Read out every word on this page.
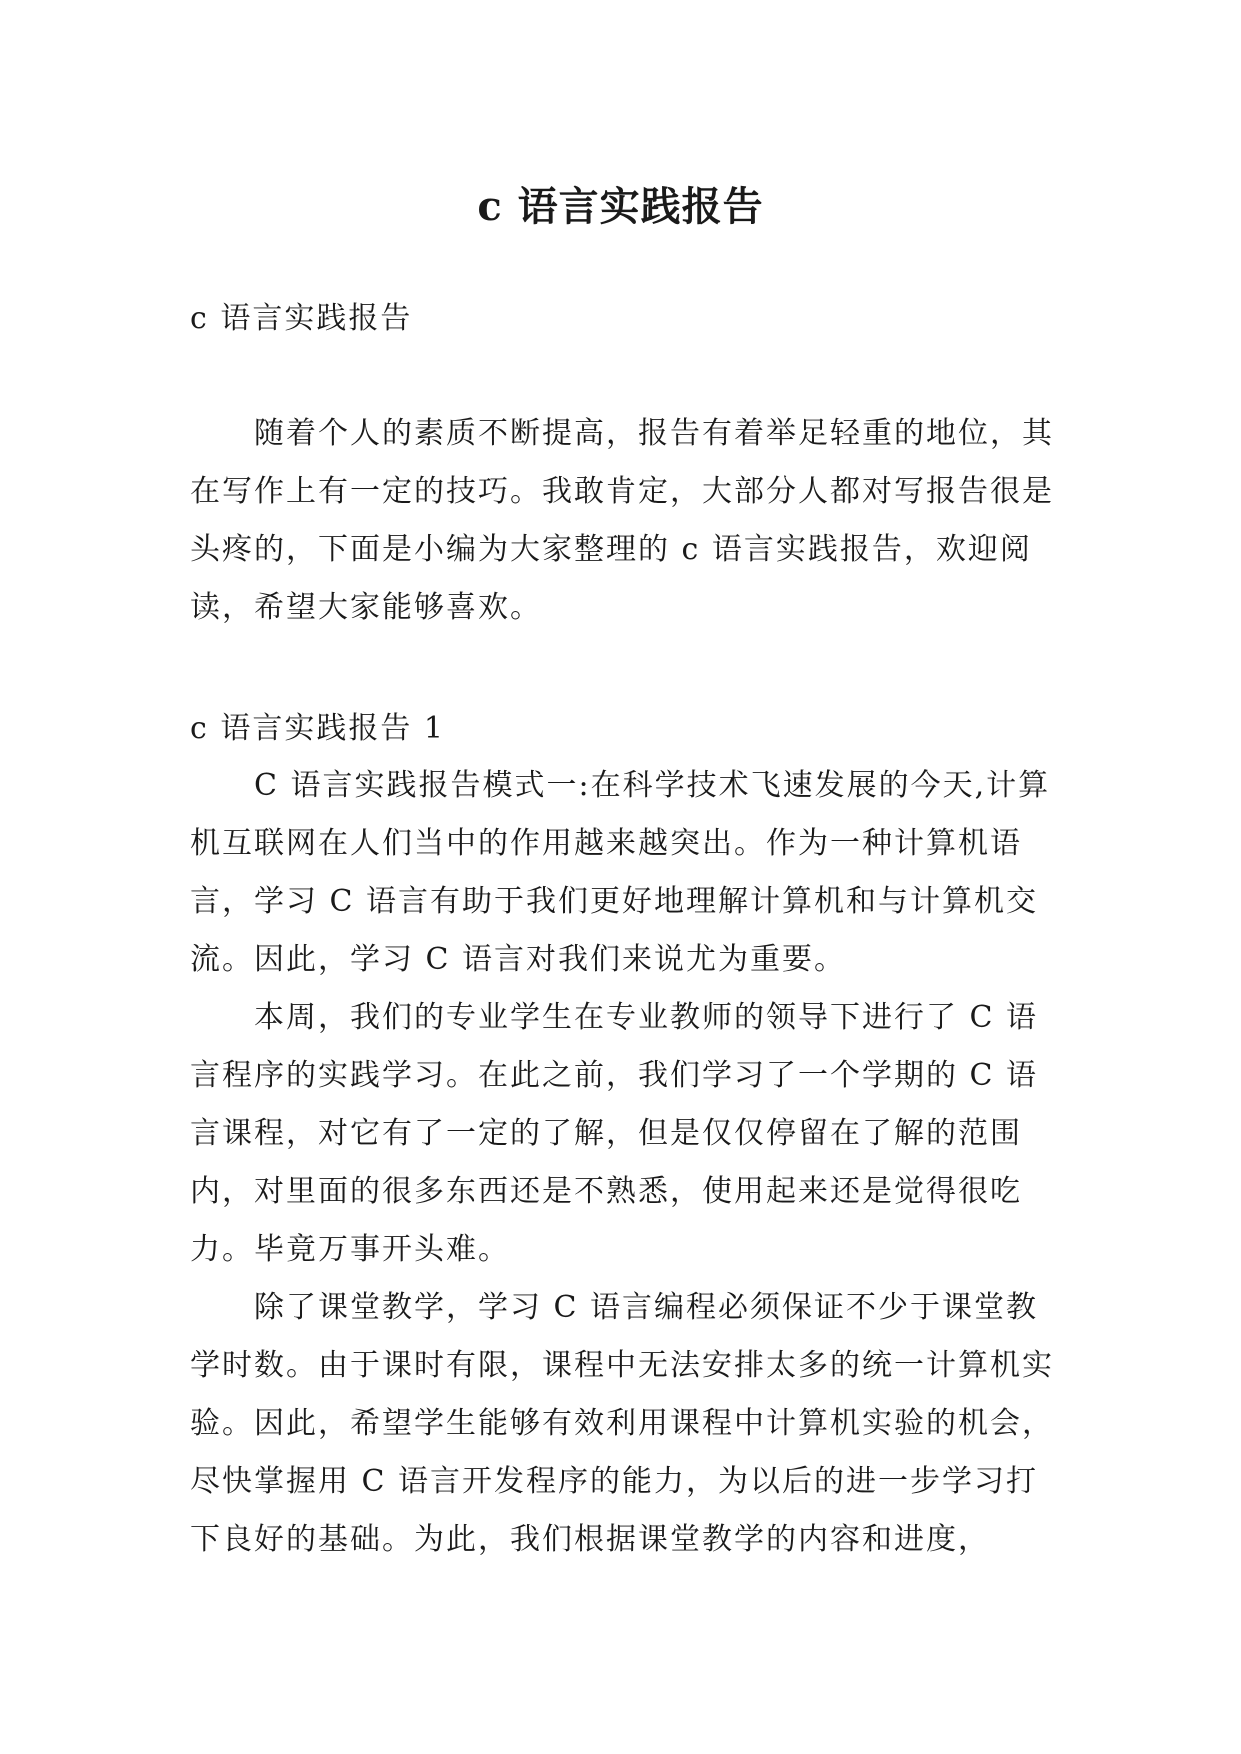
c 语言实践报告

c 语言实践报告

随着个人的素质不断提高，报告有着举足轻重的地位，其在写作上有一定的技巧。我敢肯定，大部分人都对写报告很是头疼的，下面是小编为大家整理的 c 语言实践报告，欢迎阅读，希望大家能够喜欢。

c 语言实践报告 1

C 语言实践报告模式一:在科学技术飞速发展的今天,计算机互联网在人们当中的作用越来越突出。作为一种计算机语言，学习 C 语言有助于我们更好地理解计算机和与计算机交流。因此，学习 C 语言对我们来说尤为重要。

本周，我们的专业学生在专业教师的领导下进行了 C 语言程序的实践学习。在此之前，我们学习了一个学期的 C 语言课程，对它有了一定的了解，但是仅仅停留在了解的范围内，对里面的很多东西还是不熟悉，使用起来还是觉得很吃力。毕竟万事开头难。

除了课堂教学，学习 C 语言编程必须保证不少于课堂教学时数。由于课时有限，课程中无法安排太多的统一计算机实验。因此，希望学生能够有效利用课程中计算机实验的机会，尽快掌握用 C 语言开发程序的能力，为以后的进一步学习打下良好的基础。为此，我们根据课堂教学的内容和进度，
